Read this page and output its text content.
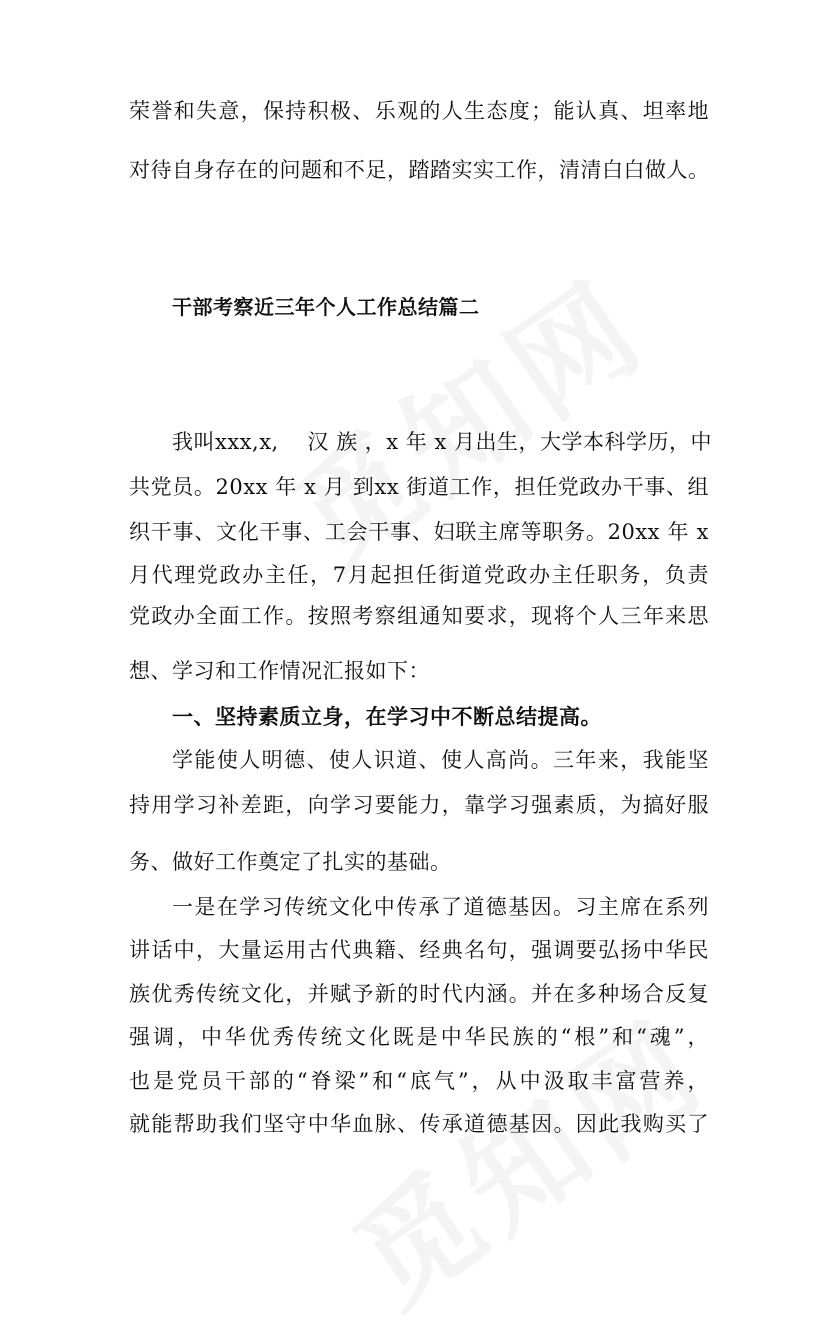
荣誉和失意，保持积极、乐观的人生态度；能认真、坦率地
对待自身存在的问题和不足，踏踏实实工作，清清白白做人。
干部考察近三年个人工作总结篇二
我叫xxx,x,    汉 族 ，x 年 x 月出生，大学本科学历，中
共党员。20xx 年 x 月 到xx 街道工作，担任党政办干事、组
织干事、文化干事、工会干事、妇联主席等职务。20xx 年 x
月代理党政办主任，7月起担任街道党政办主任职务，负责
党政办全面工作。按照考察组通知要求，现将个人三年来思
想、学习和工作情况汇报如下：
一、坚持素质立身，在学习中不断总结提高。
学能使人明德、使人识道、使人高尚。三年来，我能坚
持用学习补差距，向学习要能力，靠学习强素质，为搞好服
务、做好工作奠定了扎实的基础。
一是在学习传统文化中传承了道德基因。习主席在系列
讲话中，大量运用古代典籍、经典名句，强调要弘扬中华民
族优秀传统文化，并赋予新的时代内涵。并在多种场合反复
强调，中华优秀传统文化既是中华民族的“根”和“魂”，
也是党员干部的“脊梁”和“底气”，从中汲取丰富营养，
就能帮助我们坚守中华血脉、传承道德基因。因此我购买了
